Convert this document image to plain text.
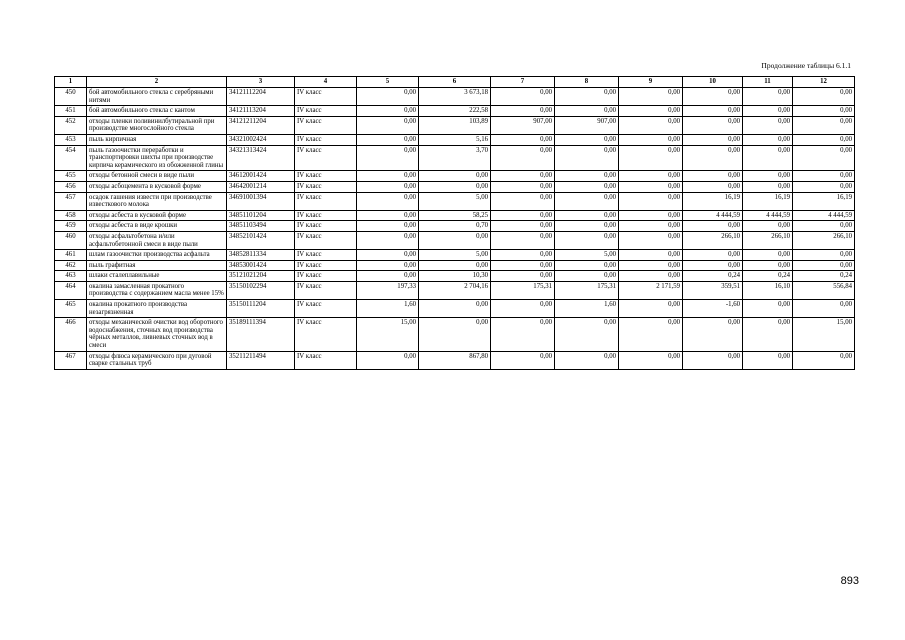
Продолжение таблицы 6.1.1
1	2	3	4	5	6	7	8	9	10	11	12
450	бой автомобильного стекла с серебряными нитями	34121112204	IV класс	0,00	3 673,18	0,00	0,00	0,00	0,00	0,00	0,00
451	бой автомобильного стекла с кантом	34121113204	IV класс	0,00	222,58	0,00	0,00	0,00	0,00	0,00	0,00
452	отходы пленки поливинилбутиральной при производстве многослойного стекла	34121211204	IV класс	0,00	103,89	907,00	907,00	0,00	0,00	0,00	0,00
453	пыль кирпичная	34321002424	IV класс	0,00	5,16	0,00	0,00	0,00	0,00	0,00	0,00
454	пыль газоочистки переработки и транспортировки шихты при производстве кирпича керамического из обожженной глины	34321313424	IV класс	0,00	3,70	0,00	0,00	0,00	0,00	0,00	0,00
455	отходы бетонной смеси в виде пыли	34612001424	IV класс	0,00	0,00	0,00	0,00	0,00	0,00	0,00	0,00
456	отходы асбоцемента в кусковой форме	34642001214	IV класс	0,00	0,00	0,00	0,00	0,00	0,00	0,00	0,00
457	осадок гашения извести при производстве известкового молока	34691001394	IV класс	0,00	5,00	0,00	0,00	0,00	16,19	16,19	16,19
458	отходы асбеста в кусковой форме	34851101204	IV класс	0,00	58,25	0,00	0,00	0,00	4 444,59	4 444,59	4 444,59
459	отходы асбеста в виде крошки	34851103494	IV класс	0,00	0,70	0,00	0,00	0,00	0,00	0,00	0,00
460	отходы асфальтобетона и/или асфальтобетонной смеси в виде пыли	34852101424	IV класс	0,00	0,00	0,00	0,00	0,00	266,10	266,10	266,10
461	шлам газоочистки производства асфальта	34852811334	IV класс	0,00	5,00	0,00	5,00	0,00	0,00	0,00	0,00
462	пыль графитная	34853001424	IV класс	0,00	0,00	0,00	0,00	0,00	0,00	0,00	0,00
463	шлаки сталеплавильные	35121021204	IV класс	0,00	10,30	0,00	0,00	0,00	0,24	0,24	0,24
464	окалина замасленная прокатного производства с содержанием масла менее 15%	35150102294	IV класс	197,33	2 704,16	175,31	175,31	2 171,59	359,51	16,10	556,84
465	окалина прокатного производства незагрязненная	35150111204	IV класс	1,60	0,00	0,00	1,60	0,00	-1,60	0,00	0,00
466	отходы механической очистки вод оборотного водоснабжения, сточных вод производства чёрных металлов, ливневых сточных вод в смеси	35189111394	IV класс	15,00	0,00	0,00	0,00	0,00	0,00	0,00	15,00
467	отходы флюса керамического при дуговой сварке стальных труб	35211211494	IV класс	0,00	867,80	0,00	0,00	0,00	0,00	0,00	0,00
893
